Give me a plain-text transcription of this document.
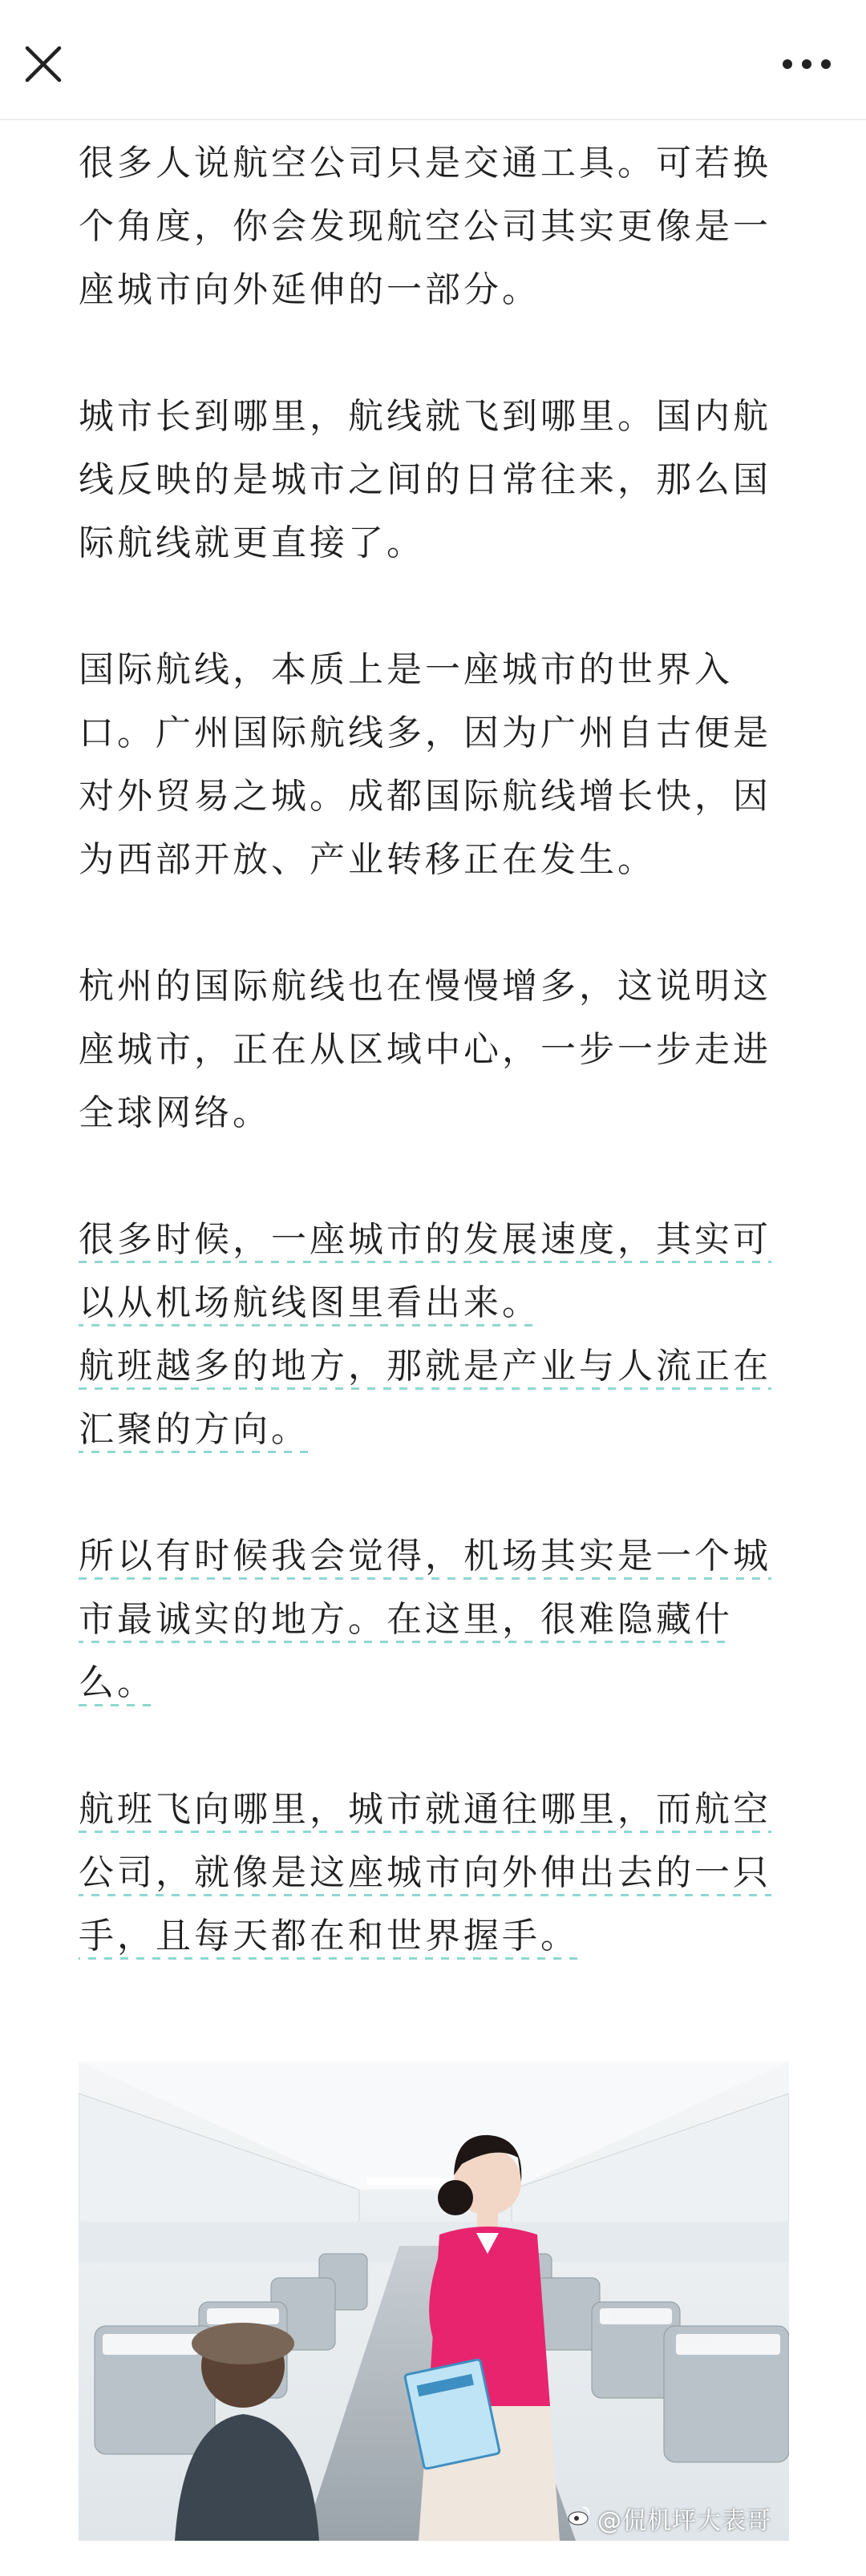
很多人说航空公司只是交通工具。可若换个角度，你会发现航空公司其实更像是一座城市向外延伸的一部分。

城市长到哪里，航线就飞到哪里。国内航线反映的是城市之间的日常往来，那么国际航线就更直接了。

国际航线，本质上是一座城市的世界入口。广州国际航线多，因为广州自古便是对外贸易之城。成都国际航线增长快，因为西部开放、产业转移正在发生。

杭州的国际航线也在慢慢增多，这说明这座城市，正在从区域中心，一步一步走进全球网络。

很多时候，一座城市的发展速度，其实可以从机场航线图里看出来。
航班越多的地方，那就是产业与人流正在汇聚的方向。

所以有时候我会觉得，机场其实是一个城市最诚实的地方。在这里，很难隐藏什么。

航班飞向哪里，城市就通往哪里，而航空公司，就像是这座城市向外伸出去的一只手，且每天都在和世界握手。

@侃机坪大表哥
